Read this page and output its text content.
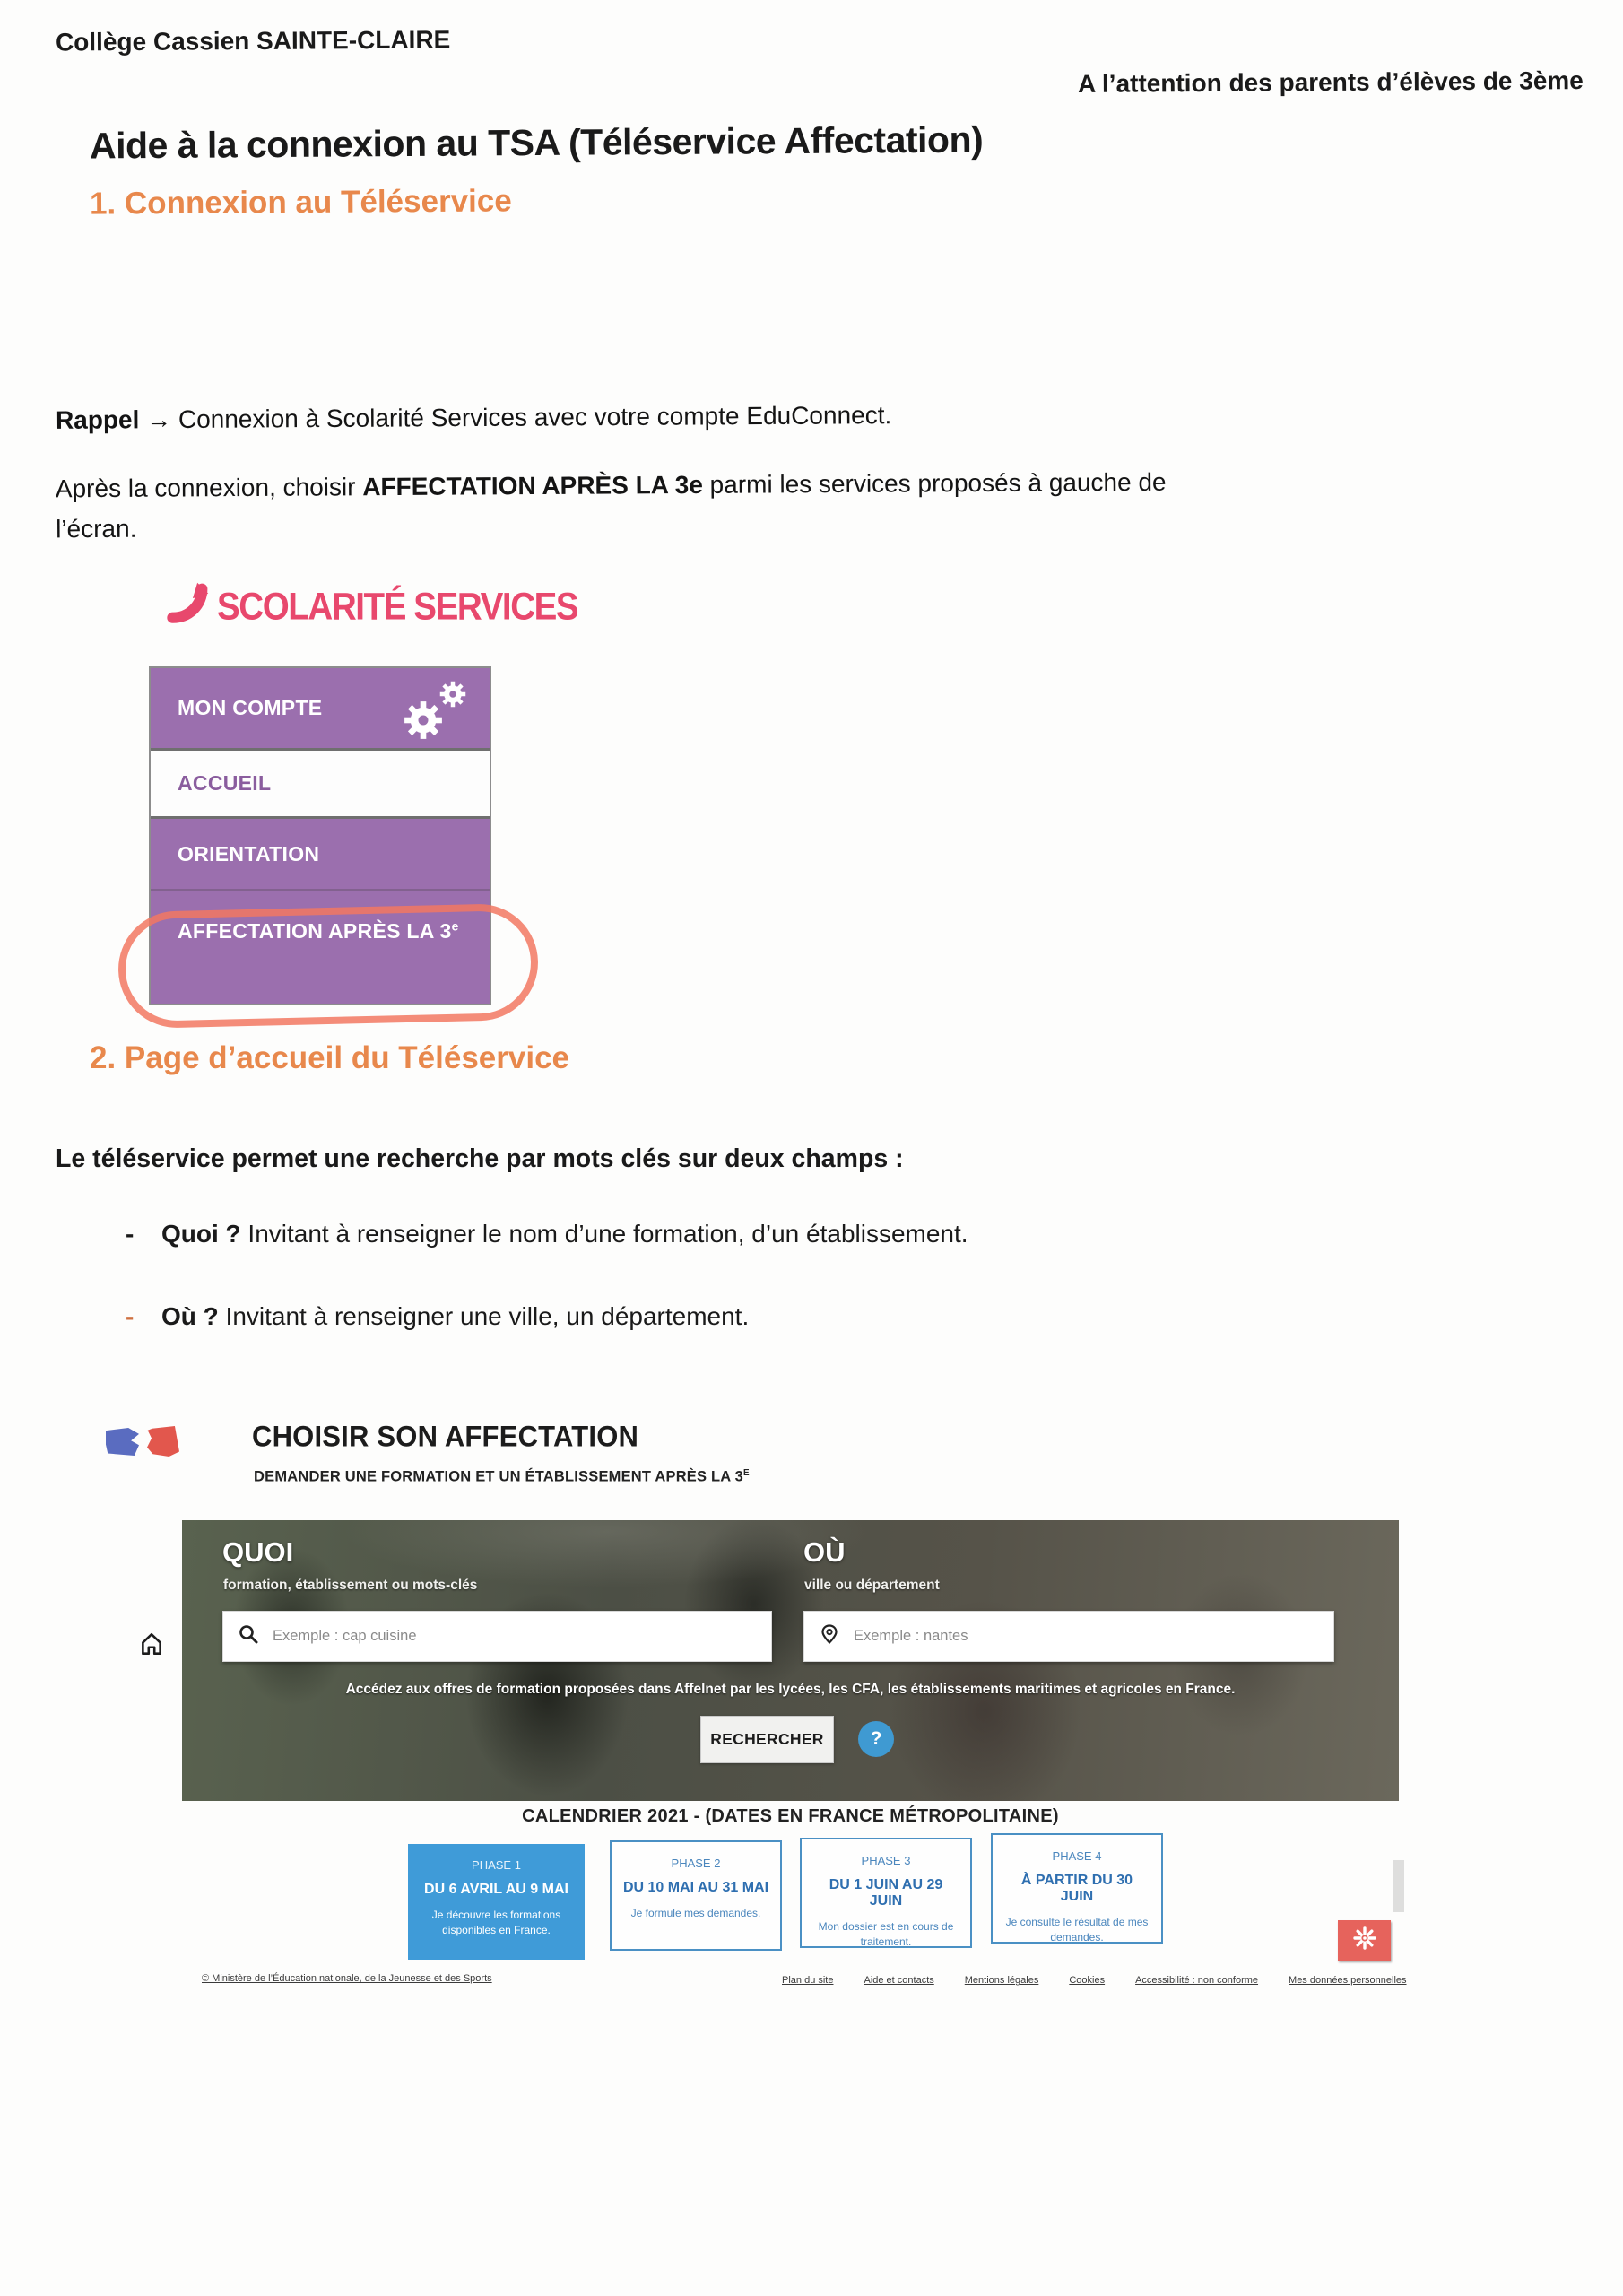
Collège Cassien SAINTE-CLAIRE
A l’attention des parents d’élèves de 3ème
Aide à la connexion au TSA (Téléservice Affectation)
1. Connexion au Téléservice
Rappel → Connexion à Scolarité Services avec votre compte EduConnect.
Après la connexion, choisir AFFECTATION APRÈS LA 3e parmi les services proposés à gauche de
l’écran.
SCOLARITÉ SERVICES
MON COMPTE
ACCUEIL
ORIENTATION
AFFECTATION APRÈS LA 3e
2. Page d’accueil du Téléservice
Le téléservice permet une recherche par mots clés sur deux champs :
- Quoi ? Invitant à renseigner le nom d’une formation, d’un établissement.
- Où ? Invitant à renseigner une ville, un département.
CHOISIR SON AFFECTATION
DEMANDER UNE FORMATION ET UN ÉTABLISSEMENT APRÈS LA $3^E$
QUOI
formation, établissement ou mots-clés
Exemple : cap cuisine
OÙ
ville ou département
Exemple : nantes
Accédez aux offres de formation proposées dans Affelnet par les lycées, les CFA, les établissements maritimes et agricoles en France.
RECHERCHER	?
CALENDRIER 2021 - (DATES EN FRANCE MÉTROPOLITAINE)
PHASE 1
DU 6 AVRIL AU 9 MAI
Je découvre les formations disponibles en France.
PHASE 2
DU 10 MAI AU 31 MAI
Je formule mes demandes.
PHASE 3
DU 1 JUIN AU 29 JUIN
Mon dossier est en cours de traitement.
PHASE 4
À PARTIR DU 30 JUIN
Je consulte le résultat de mes demandes.
© Ministère de l’Éducation nationale, de la Jeunesse et des Sports	Plan du site	Aide et contacts	Mentions légales	Cookies	Accessibilité : non conforme	Mes données personnelles
